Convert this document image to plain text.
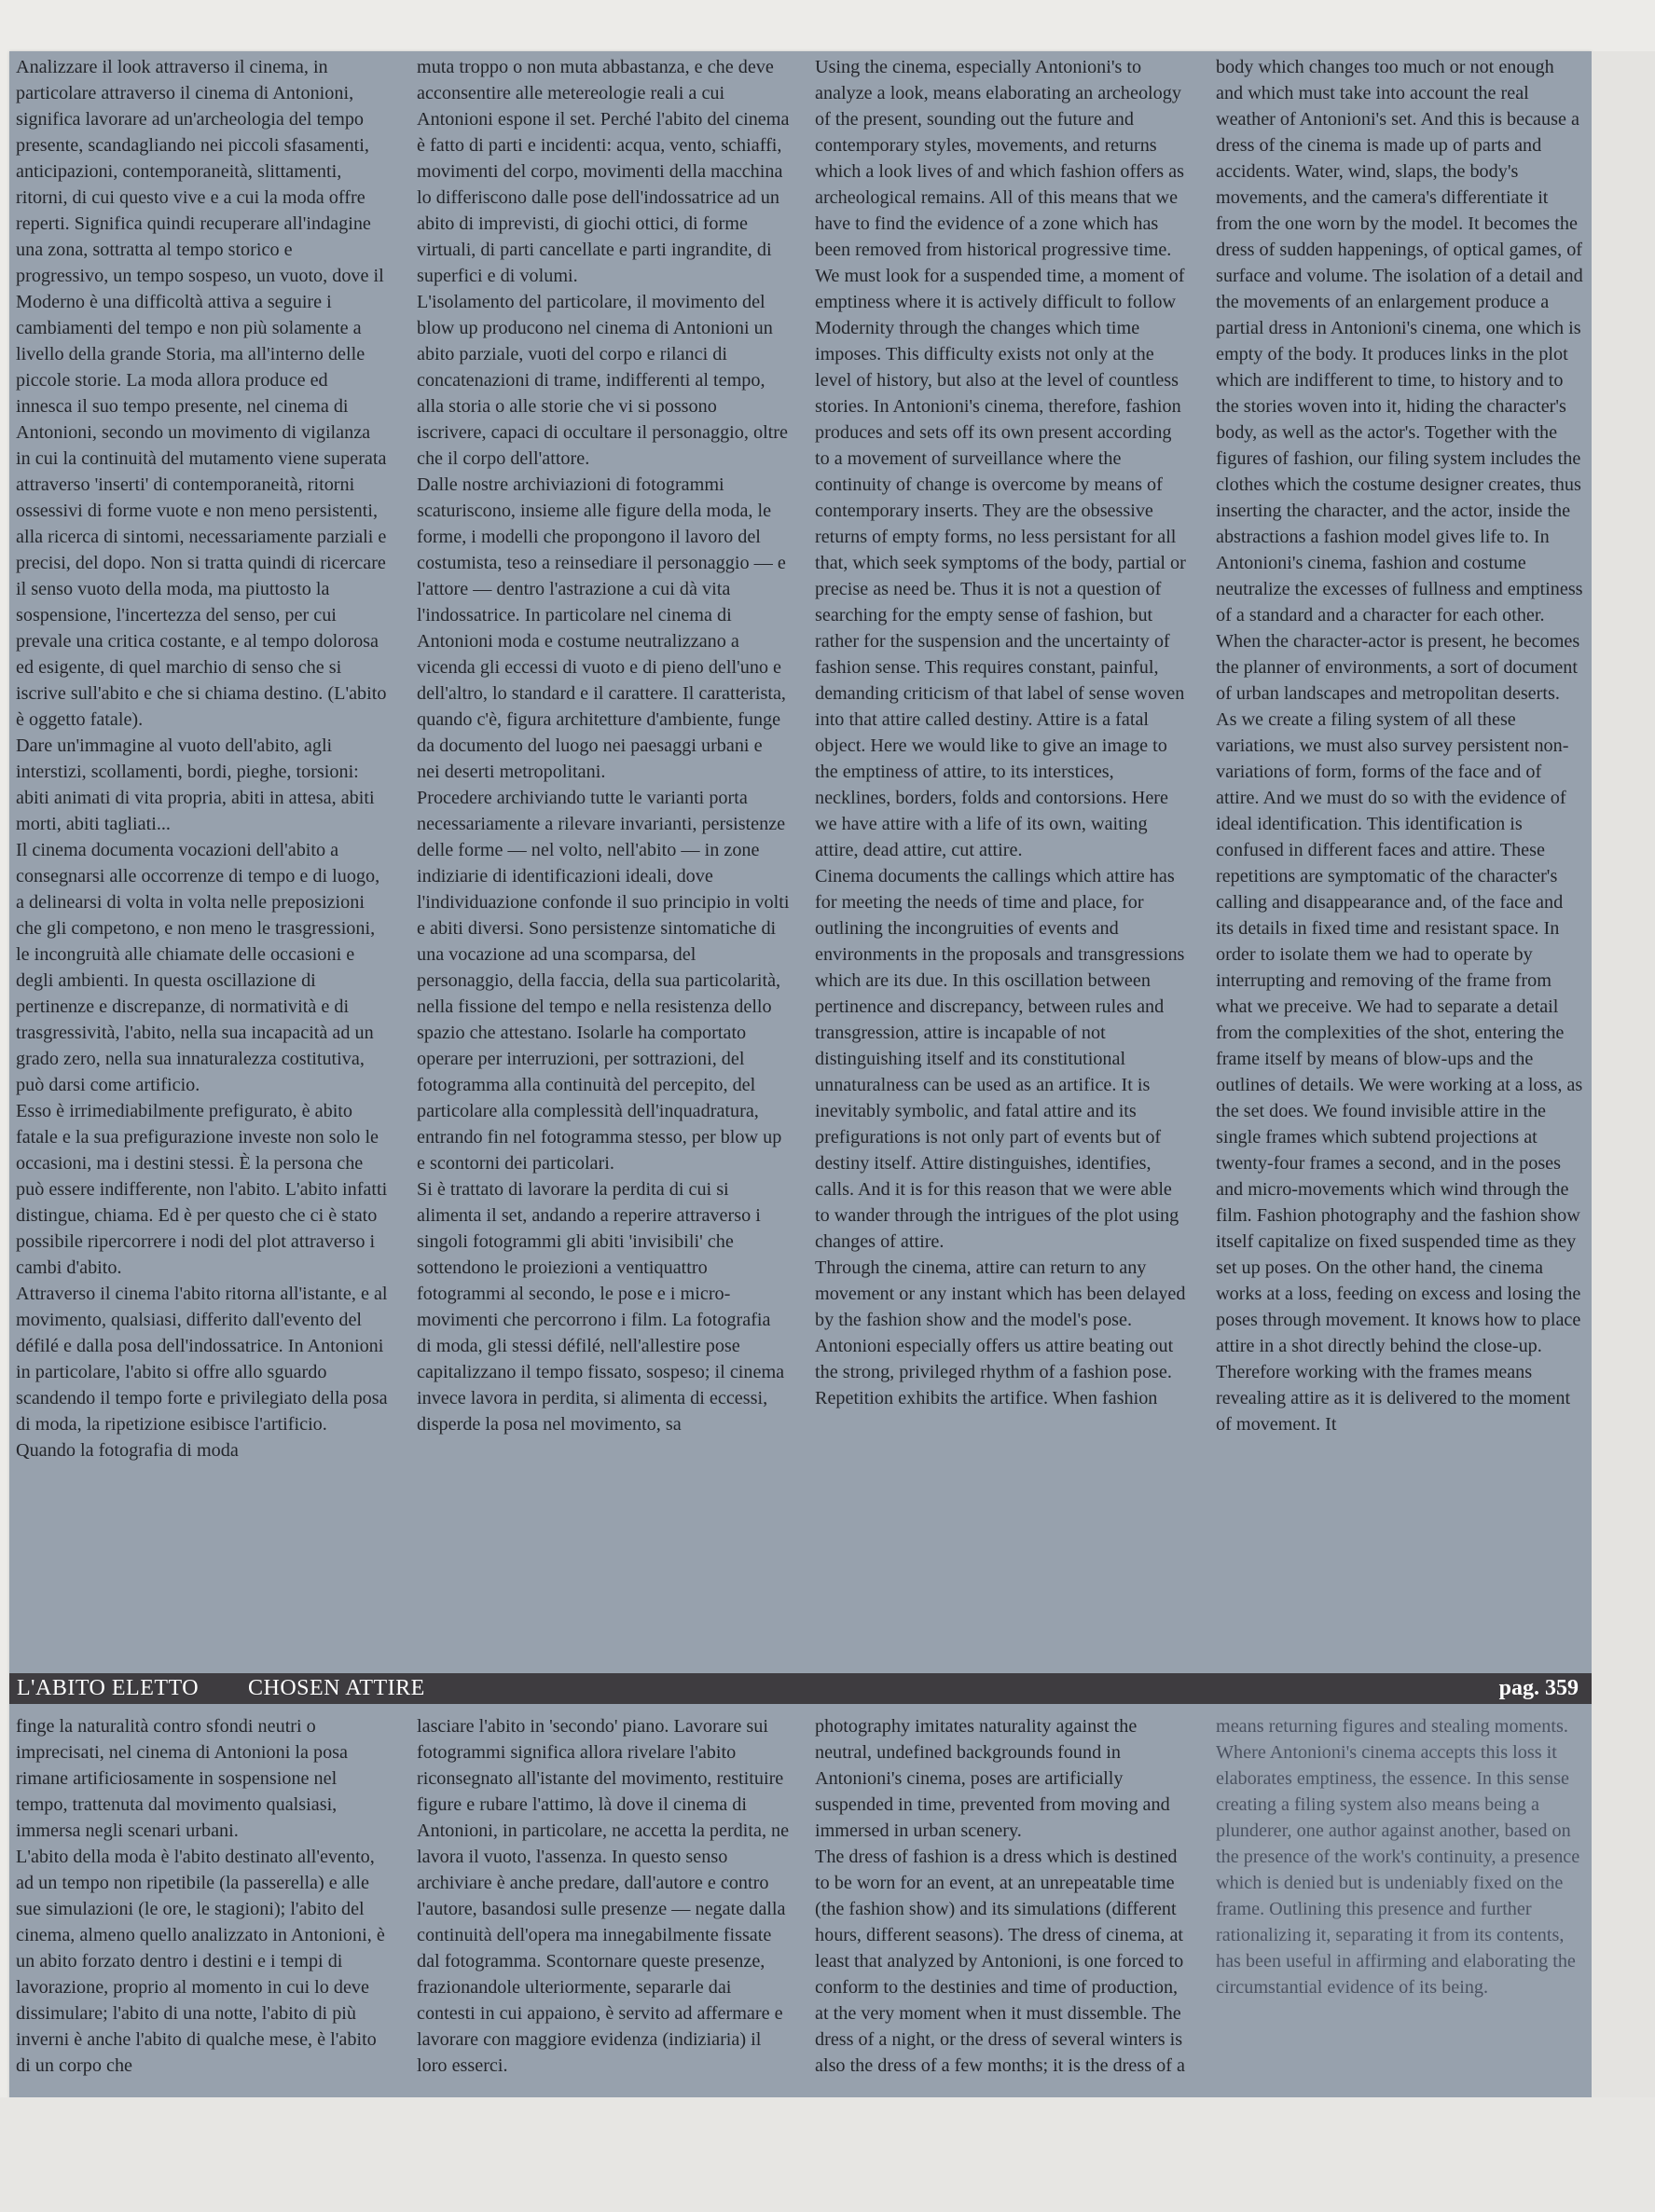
Analizzare il look attraverso il cinema, in particolare attraverso il cinema di Antonioni, significa lavorare ad un'archeologia del tempo presente, scandagliando nei piccoli sfasamenti, anticipazioni, contemporaneità, slittamenti, ritorni, di cui questo vive e a cui la moda offre reperti. Significa quindi recuperare all'indagine una zona, sottratta al tempo storico e progressivo, un tempo sospeso, un vuoto, dove il Moderno è una difficoltà attiva a seguire i cambiamenti del tempo e non più solamente a livello della grande Storia, ma all'interno delle piccole storie. La moda allora produce ed innesca il suo tempo presente, nel cinema di Antonioni, secondo un movimento di vigilanza in cui la continuità del mutamento viene superata attraverso 'inserti' di contemporaneità, ritorni ossessivi di forme vuote e non meno persistenti, alla ricerca di sintomi, necessariamente parziali e precisi, del dopo. Non si tratta quindi di ricercare il senso vuoto della moda, ma piuttosto la sospensione, l'incertezza del senso, per cui prevale una critica costante, e al tempo dolorosa ed esigente, di quel marchio di senso che si iscrive sull'abito e che si chiama destino. (L'abito è oggetto fatale).

Dare un'immagine al vuoto dell'abito, agli interstizi, scollamenti, bordi, pieghe, torsioni: abiti animati di vita propria, abiti in attesa, abiti morti, abiti tagliati...

Il cinema documenta vocazioni dell'abito a consegnarsi alle occorrenze di tempo e di luogo, a delinearsi di volta in volta nelle preposizioni che gli competono, e non meno le trasgressioni, le incongruità alle chiamate delle occasioni e degli ambienti. In questa oscillazione di pertinenze e discrepanze, di normatività e di trasgressività, l'abito, nella sua incapacità ad un grado zero, nella sua innaturalezza costitutiva, può darsi come artificio.

Esso è irrimediabilmente prefigurato, è abito fatale e la sua prefigurazione investe non solo le occasioni, ma i destini stessi. È la persona che può essere indifferente, non l'abito. L'abito infatti distingue, chiama. Ed è per questo che ci è stato possibile ripercorrere i nodi del plot attraverso i cambi d'abito.

Attraverso il cinema l'abito ritorna all'istante, e al movimento, qualsiasi, differito dall'evento del défilé e dalla posa dell'indossatrice. In Antonioni in particolare, l'abito si offre allo sguardo scandendo il tempo forte e privilegiato della posa di moda, la ripetizione esibisce l'artificio. Quando la fotografia di moda

muta troppo o non muta abbastanza, e che deve acconsentire alle metereologie reali a cui Antonioni espone il set. Perché l'abito del cinema è fatto di parti e incidenti: acqua, vento, schiaffi, movimenti del corpo, movimenti della macchina lo differiscono dalle pose dell'indossatrice ad un abito di imprevisti, di giochi ottici, di forme virtuali, di parti cancellate e parti ingrandite, di superfici e di volumi.

L'isolamento del particolare, il movimento del blow up producono nel cinema di Antonioni un abito parziale, vuoti del corpo e rilanci di concatenazioni di trame, indifferenti al tempo, alla storia o alle storie che vi si possono iscrivere, capaci di occultare il personaggio, oltre che il corpo dell'attore.

Dalle nostre archiviazioni di fotogrammi scaturiscono, insieme alle figure della moda, le forme, i modelli che propongono il lavoro del costumista, teso a reinsediare il personaggio — e l'attore — dentro l'astrazione a cui dà vita l'indossatrice. In particolare nel cinema di Antonioni moda e costume neutralizzano a vicenda gli eccessi di vuoto e di pieno dell'uno e dell'altro, lo standard e il carattere. Il caratterista, quando c'è, figura architetture d'ambiente, funge da documento del luogo nei paesaggi urbani e nei deserti metropolitani.

Procedere archiviando tutte le varianti porta necessariamente a rilevare invarianti, persistenze delle forme — nel volto, nell'abito — in zone indiziarie di identificazioni ideali, dove l'individuazione confonde il suo principio in volti e abiti diversi. Sono persistenze sintomatiche di una vocazione ad una scomparsa, del personaggio, della faccia, della sua particolarità, nella fissione del tempo e nella resistenza dello spazio che attestano. Isolarle ha comportato operare per interruzioni, per sottrazioni, del fotogramma alla continuità del percepito, del particolare alla complessità dell'inquadratura, entrando fin nel fotogramma stesso, per blow up e scontorni dei particolari.

Si è trattato di lavorare la perdita di cui si alimenta il set, andando a reperire attraverso i singoli fotogrammi gli abiti 'invisibili' che sottendono le proiezioni a ventiquattro fotogrammi al secondo, le pose e i micro-movimenti che percorrono i film. La fotografia di moda, gli stessi défilé, nell'allestire pose capitalizzano il tempo fissato, sospeso; il cinema invece lavora in perdita, si alimenta di eccessi, disperde la posa nel movimento, sa

Using the cinema, especially Antonioni's to analyze a look, means elaborating an archeology of the present, sounding out the future and contemporary styles, movements, and returns which a look lives of and which fashion offers as archeological remains. All of this means that we have to find the evidence of a zone which has been removed from historical progressive time. We must look for a suspended time, a moment of emptiness where it is actively difficult to follow Modernity through the changes which time imposes. This difficulty exists not only at the level of history, but also at the level of countless stories. In Antonioni's cinema, therefore, fashion produces and sets off its own present according to a movement of surveillance where the continuity of change is overcome by means of contemporary inserts. They are the obsessive returns of empty forms, no less persistant for all that, which seek symptoms of the body, partial or precise as need be. Thus it is not a question of searching for the empty sense of fashion, but rather for the suspension and the uncertainty of fashion sense. This requires constant, painful, demanding criticism of that label of sense woven into that attire called destiny. Attire is a fatal object. Here we would like to give an image to the emptiness of attire, to its interstices, necklines, borders, folds and contorsions. Here we have attire with a life of its own, waiting attire, dead attire, cut attire.

Cinema documents the callings which attire has for meeting the needs of time and place, for outlining the incongruities of events and environments in the proposals and transgressions which are its due. In this oscillation between pertinence and discrepancy, between rules and transgression, attire is incapable of not distinguishing itself and its constitutional unnaturalness can be used as an artifice. It is inevitably symbolic, and fatal attire and its prefigurations is not only part of events but of destiny itself. Attire distinguishes, identifies, calls. And it is for this reason that we were able to wander through the intrigues of the plot using changes of attire.

Through the cinema, attire can return to any movement or any instant which has been delayed by the fashion show and the model's pose. Antonioni especially offers us attire beating out the strong, privileged rhythm of a fashion pose. Repetition exhibits the artifice. When fashion

body which changes too much or not enough and which must take into account the real weather of Antonioni's set. And this is because a dress of the cinema is made up of parts and accidents. Water, wind, slaps, the body's movements, and the camera's differentiate it from the one worn by the model. It becomes the dress of sudden happenings, of optical games, of surface and volume. The isolation of a detail and the movements of an enlargement produce a partial dress in Antonioni's cinema, one which is empty of the body. It produces links in the plot which are indifferent to time, to history and to the stories woven into it, hiding the character's body, as well as the actor's. Together with the figures of fashion, our filing system includes the clothes which the costume designer creates, thus inserting the character, and the actor, inside the abstractions a fashion model gives life to. In Antonioni's cinema, fashion and costume neutralize the excesses of fullness and emptiness of a standard and a character for each other. When the character-actor is present, he becomes the planner of environments, a sort of document of urban landscapes and metropolitan deserts.

As we create a filing system of all these variations, we must also survey persistent non-variations of form, forms of the face and of attire. And we must do so with the evidence of ideal identification. This identification is confused in different faces and attire. These repetitions are symptomatic of the character's calling and disappearance and, of the face and its details in fixed time and resistant space. In order to isolate them we had to operate by interrupting and removing of the frame from what we preceive. We had to separate a detail from the complexities of the shot, entering the frame itself by means of blow-ups and the outlines of details. We were working at a loss, as the set does. We found invisible attire in the single frames which subtend projections at twenty-four frames a second, and in the poses and micro-movements which wind through the film. Fashion photography and the fashion show itself capitalize on fixed suspended time as they set up poses. On the other hand, the cinema works at a loss, feeding on excess and losing the poses through movement. It knows how to place attire in a shot directly behind the close-up. Therefore working with the frames means revealing attire as it is delivered to the moment of movement. It

L'ABITO ELETTO CHOSEN ATTIRE	pag. 359

finge la naturalità contro sfondi neutri o imprecisati, nel cinema di Antonioni la posa rimane artificiosamente in sospensione nel tempo, trattenuta dal movimento qualsiasi, immersa negli scenari urbani.

L'abito della moda è l'abito destinato all'evento, ad un tempo non ripetibile (la passerella) e alle sue simulazioni (le ore, le stagioni); l'abito del cinema, almeno quello analizzato in Antonioni, è un abito forzato dentro i destini e i tempi di lavorazione, proprio al momento in cui lo deve dissimulare; l'abito di una notte, l'abito di più inverni è anche l'abito di qualche mese, è l'abito di un corpo che

lasciare l'abito in 'secondo' piano. Lavorare sui fotogrammi significa allora rivelare l'abito riconsegnato all'istante del movimento, restituire figure e rubare l'attimo, là dove il cinema di Antonioni, in particolare, ne accetta la perdita, ne lavora il vuoto, l'assenza. In questo senso archiviare è anche predare, dall'autore e contro l'autore, basandosi sulle presenze — negate dalla continuità dell'opera ma innegabilmente fissate dal fotogramma. Scontornare queste presenze, frazionandole ulteriormente, separarle dai contesti in cui appaiono, è servito ad affermare e lavorare con maggiore evidenza (indiziaria) il loro esserci.

photography imitates naturality against the neutral, undefined backgrounds found in Antonioni's cinema, poses are artificially suspended in time, prevented from moving and immersed in urban scenery.

The dress of fashion is a dress which is destined to be worn for an event, at an unrepeatable time (the fashion show) and its simulations (different hours, different seasons). The dress of cinema, at least that analyzed by Antonioni, is one forced to conform to the destinies and time of production, at the very moment when it must dissemble. The dress of a night, or the dress of several winters is also the dress of a few months; it is the dress of a

means returning figures and stealing moments. Where Antonioni's cinema accepts this loss it elaborates emptiness, the essence. In this sense creating a filing system also means being a plunderer, one author against another, based on the presence of the work's continuity, a presence which is denied but is undeniably fixed on the frame. Outlining this presence and further rationalizing it, separating it from its contents, has been useful in affirming and elaborating the circumstantial evidence of its being.
